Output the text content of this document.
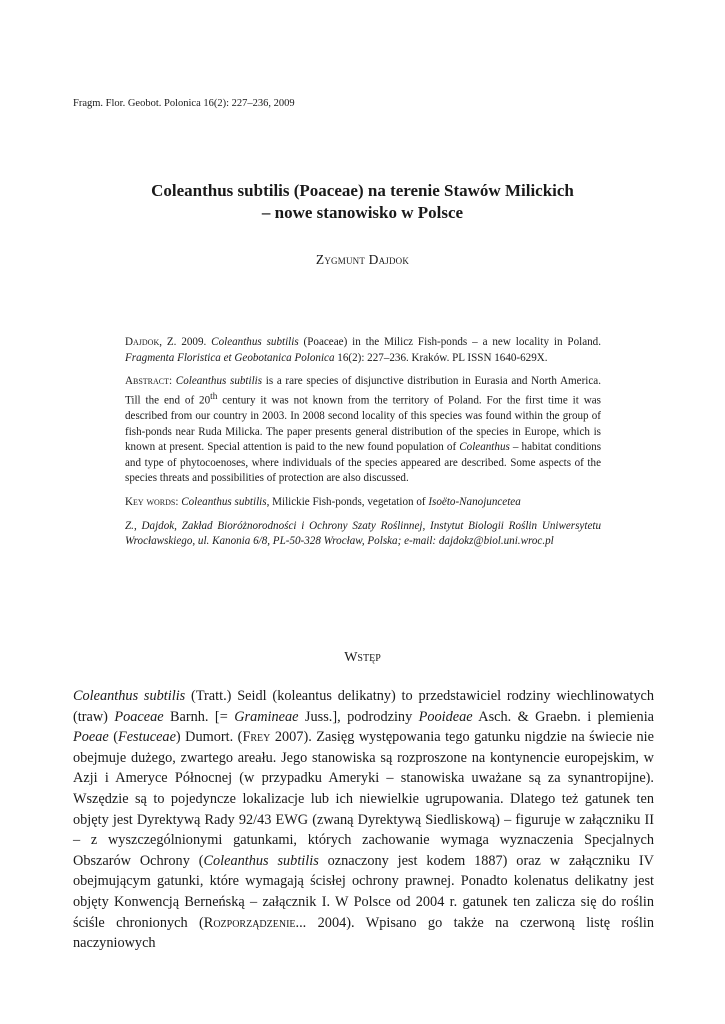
Fragm. Flor. Geobot. Polonica 16(2): 227–236, 2009
Coleanthus subtilis (Poaceae) na terenie Stawów Milickich
– nowe stanowisko w Polsce
Zygmunt Dajdok

Dajdok, Z. 2009. Coleanthus subtilis (Poaceae) in the Milicz Fish-ponds – a new locality in Poland. Fragmenta Floristica et Geobotanica Polonica 16(2): 227–236. Kraków. PL ISSN 1640-629X.

Abstract: Coleanthus subtilis is a rare species of disjunctive distribution in Eurasia and North America. Till the end of 20th century it was not known from the territory of Poland. For the first time it was described from our country in 2003. In 2008 second locality of this species was found within the group of fish-ponds near Ruda Milicka. The paper presents general distribution of the species in Europe, which is known at present. Special attention is paid to the new found population of Coleanthus – habitat conditions and type of phytocoenoses, where individuals of the species appeared are described. Some aspects of the species threats and possibilities of protection are also discussed.

Key words: Coleanthus subtilis, Milickie Fish-ponds, vegetation of Isoëto-Nanojuncetea

Z., Dajdok, Zakład Bioróżnorodności i Ochrony Szaty Roślinnej, Instytut Biologii Roślin Uniwersytetu Wrocławskiego, ul. Kanonia 6/8, PL-50-328 Wrocław, Polska; e-mail: dajdokz@biol.uni.wroc.pl

Wstęp

Coleanthus subtilis (Tratt.) Seidl (koleantus delikatny) to przedstawiciel rodziny wiechlinowatych (traw) Poaceae Barnh. [= Gramineae Juss.], podrodziny Pooideae Asch. & Graebn. i plemienia Poeae (Festuceae) Dumort. (Frey 2007). Zasięg występowania tego gatunku nigdzie na świecie nie obejmuje dużego, zwartego areału. Jego stanowiska są rozproszone na kontynencie europejskim, w Azji i Ameryce Północnej (w przypadku Ameryki – stanowiska uważane są za synantropijne). Wszędzie są to pojedyncze lokalizacje lub ich niewielkie ugrupowania. Dlatego też gatunek ten objęty jest Dyrektywą Rady 92/43 EWG (zwaną Dyrektywą Siedliskową) – figuruje w załączniku II – z wyszczególnionymi gatunkami, których zachowanie wymaga wyznaczenia Specjalnych Obszarów Ochrony (Coleanthus subtilis oznaczony jest kodem 1887) oraz w załączniku IV obejmującym gatunki, które wymagają ścisłej ochrony prawnej. Ponadto kolenatus delikatny jest objęty Konwencją Berneńską – załącznik I. W Polsce od 2004 r. gatunek ten zalicza się do roślin ściśle chronionych (Rozporządzenie... 2004). Wpisano go także na czerwoną listę roślin naczyniowych
